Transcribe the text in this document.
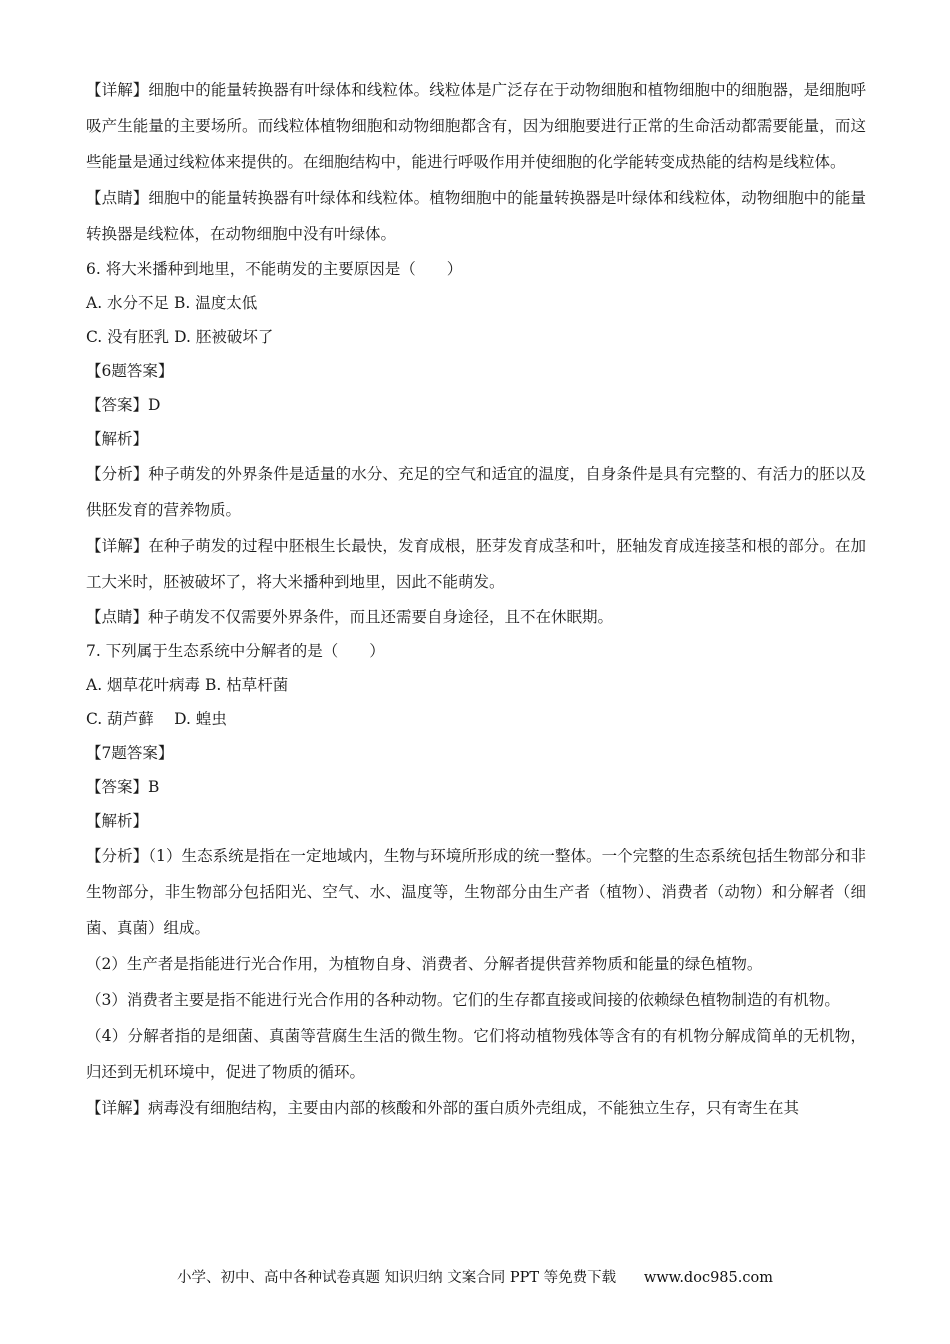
【详解】细胞中的能量转换器有叶绿体和线粒体。线粒体是广泛存在于动物细胞和植物细胞中的细胞器，是细胞呼吸产生能量的主要场所。而线粒体植物细胞和动物细胞都含有，因为细胞要进行正常的生命活动都需要能量，而这些能量是通过线粒体来提供的。在细胞结构中，能进行呼吸作用并使细胞的化学能转变成热能的结构是线粒体。

【点睛】细胞中的能量转换器有叶绿体和线粒体。植物细胞中的能量转换器是叶绿体和线粒体，动物细胞中的能量转换器是线粒体，在动物细胞中没有叶绿体。

6. 将大米播种到地里，不能萌发的主要原因是（　　）

A. 水分不足 B. 温度太低

C. 没有胚乳 D. 胚被破坏了

【6题答案】

【答案】D

【解析】

【分析】种子萌发的外界条件是适量的水分、充足的空气和适宜的温度，自身条件是具有完整的、有活力的胚以及供胚发育的营养物质。

【详解】在种子萌发的过程中胚根生长最快，发育成根，胚芽发育成茎和叶，胚轴发育成连接茎和根的部分。在加工大米时，胚被破坏了，将大米播种到地里，因此不能萌发。

【点睛】种子萌发不仅需要外界条件，而且还需要自身途径，且不在休眠期。

7. 下列属于生态系统中分解者的是（　　）

A. 烟草花叶病毒 B. 枯草杆菌

C. 葫芦藓　 D. 蝗虫

【7题答案】

【答案】B

【解析】

【分析】（1）生态系统是指在一定地域内，生物与环境所形成的统一整体。一个完整的生态系统包括生物部分和非生物部分，非生物部分包括阳光、空气、水、温度等，生物部分由生产者（植物）、消费者（动物）和分解者（细菌、真菌）组成。

（2）生产者是指能进行光合作用，为植物自身、消费者、分解者提供营养物质和能量的绿色植物。

（3）消费者主要是指不能进行光合作用的各种动物。它们的生存都直接或间接的依赖绿色植物制造的有机物。

（4）分解者指的是细菌、真菌等营腐生生活的微生物。它们将动植物残体等含有的有机物分解成简单的无机物，归还到无机环境中，促进了物质的循环。

【详解】病毒没有细胞结构，主要由内部的核酸和外部的蛋白质外壳组成，不能独立生存，只有寄生在其

小学、初中、高中各种试卷真题 知识归纳 文案合同 PPT 等免费下载 www.doc985.com
